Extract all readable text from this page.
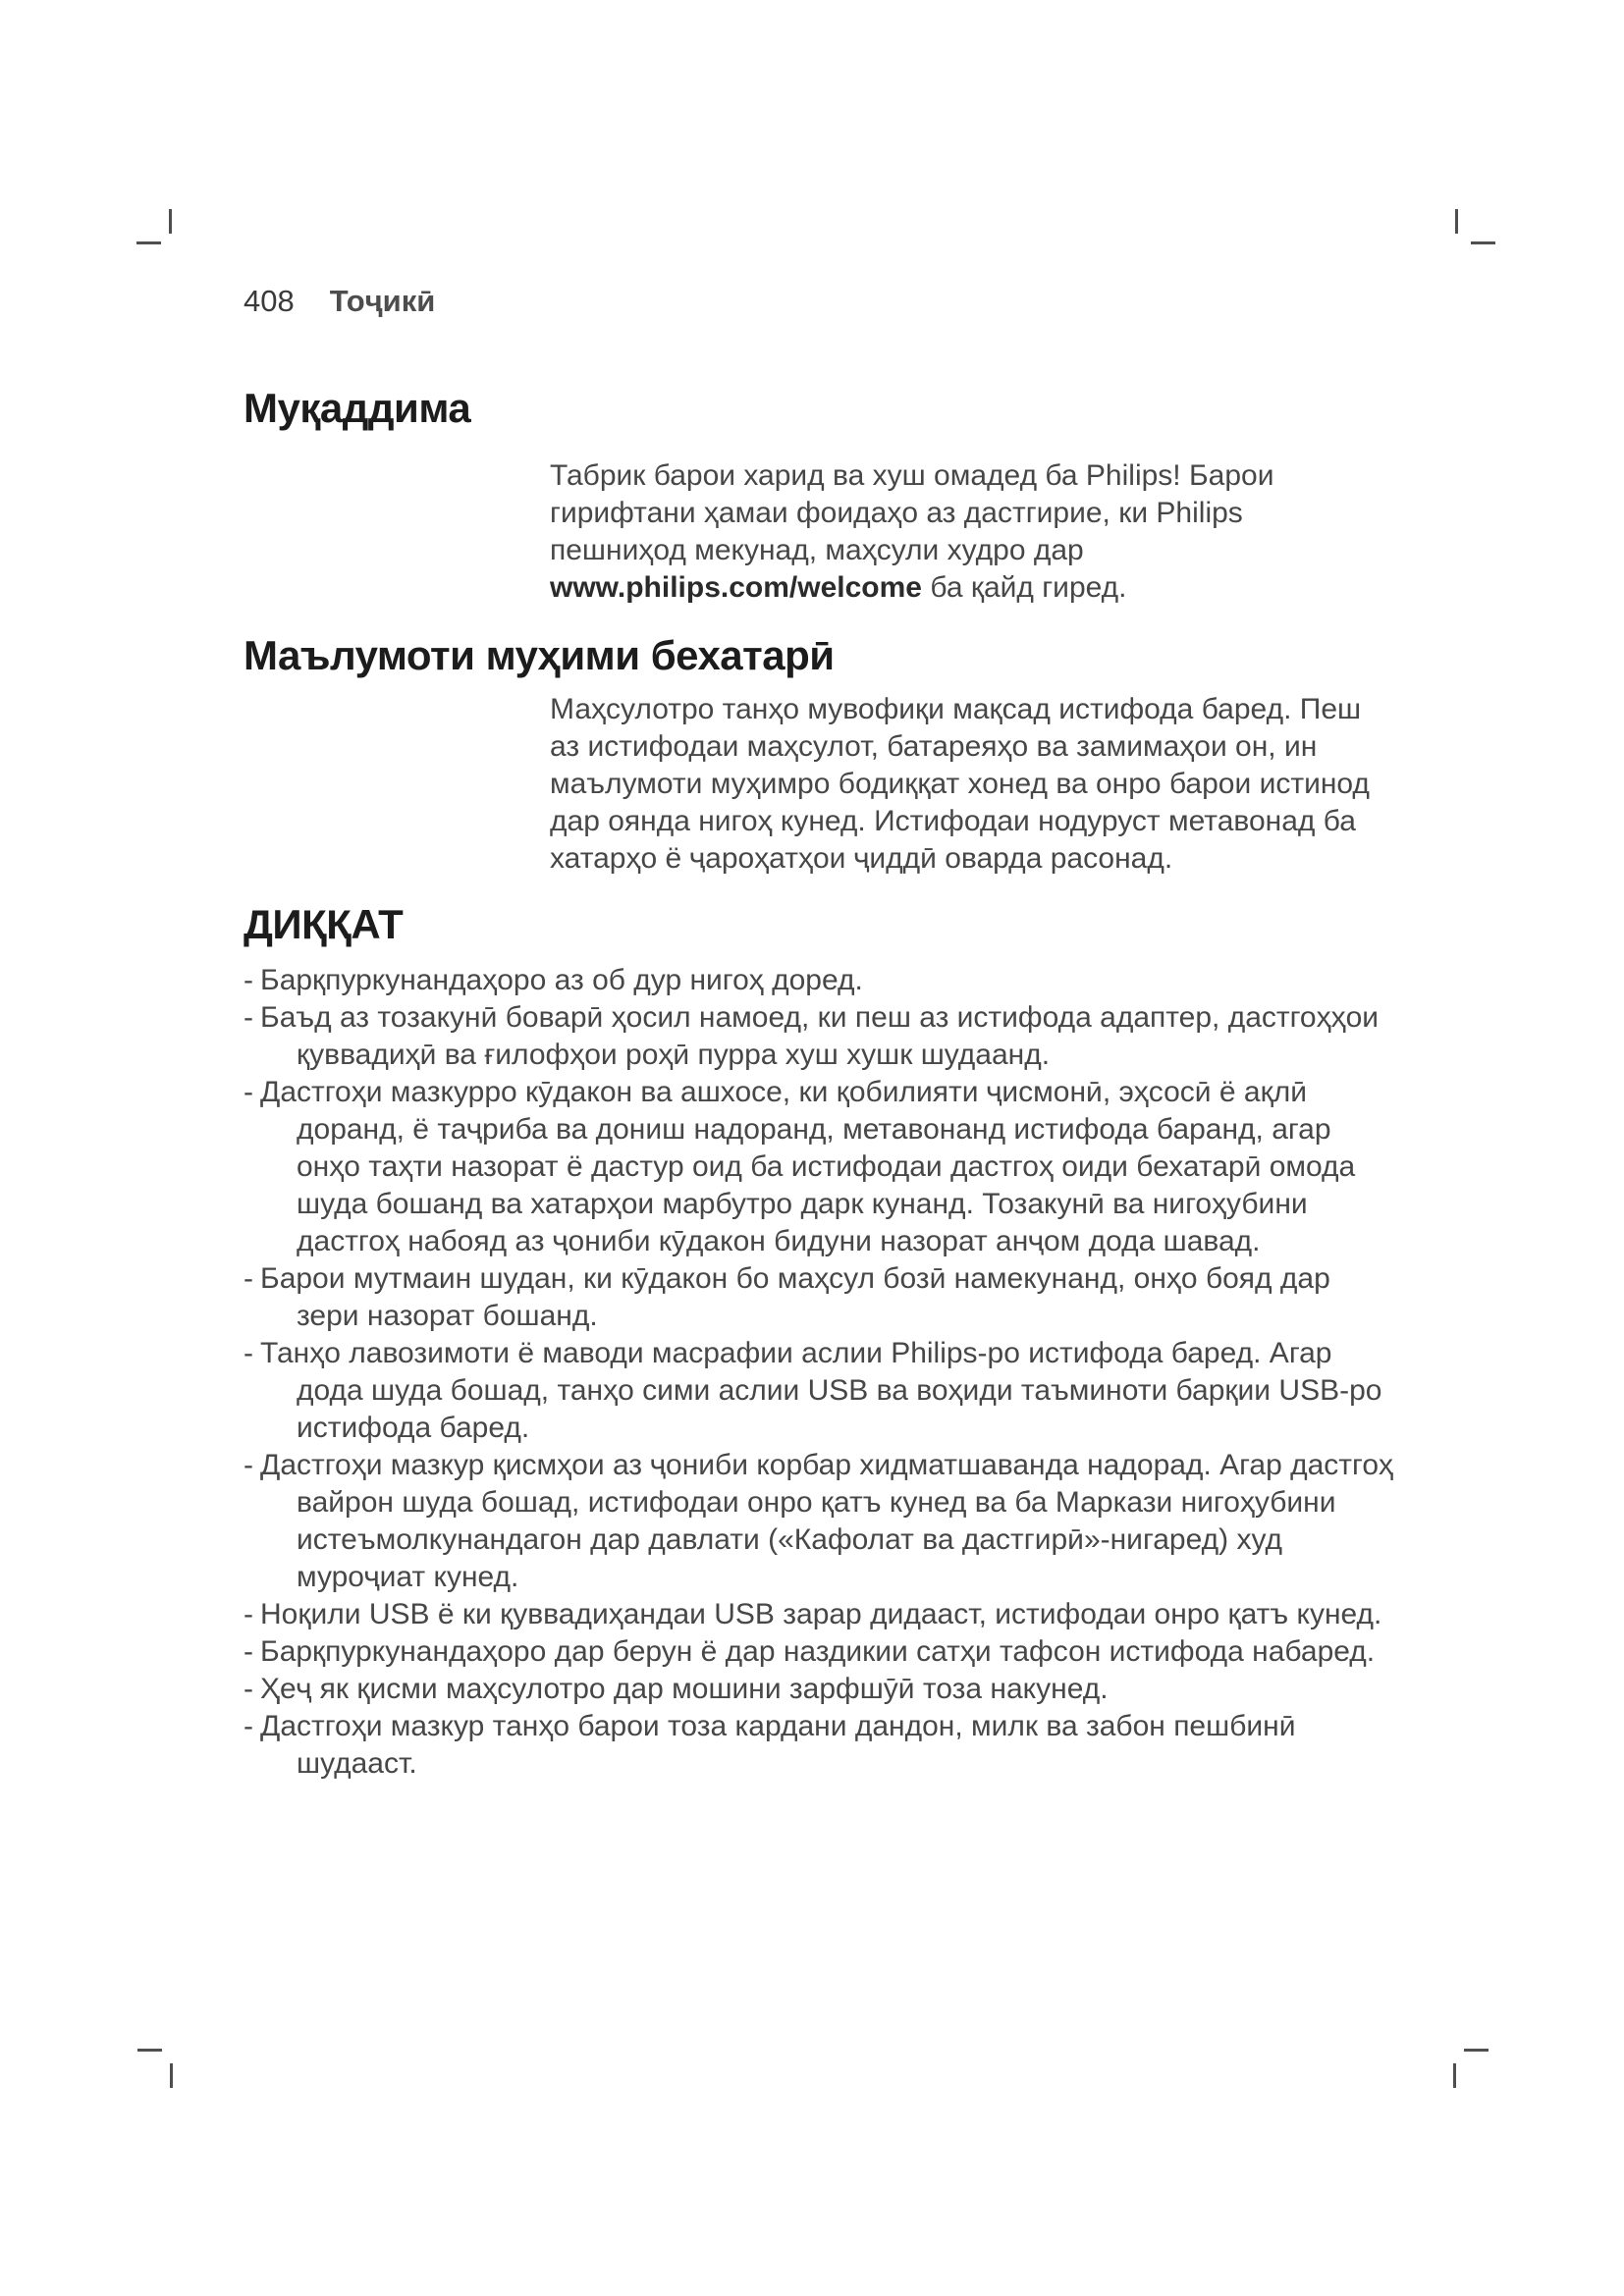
408 Тоҷикӣ
Муқаддима

Табрик барои харид ва хуш омадед ба Philips! Барои гирифтани ҳамаи фоидаҳо аз дастгирие, ки Philips пешниҳод мекунад, маҳсули худро дар www.philips.com/welcome ба қайд гиред.

Маълумоти муҳими бехатарӣ

Маҳсулотро танҳо мувофиқи мақсад истифода баред. Пеш аз истифодаи маҳсулот, батареяҳо ва замимаҳои он, ин маълумоти муҳимро бодиққат хонед ва онро барои истинод дар оянда нигоҳ кунед. Истифодаи нодуруст метавонад ба хатарҳо ё ҷароҳатҳои ҷиддӣ оварда расонад.

ДИҚҚАТ
- Барқпуркунандаҳоро аз об дур нигоҳ доред.
- Баъд аз тозакунӣ боварӣ ҳосил намоед, ки пеш аз истифода адаптер, дастгоҳҳои қуввадиҳӣ ва ғилофҳои роҳӣ пурра хуш хушк шудаанд.
- Дастгоҳи мазкурро кӯдакон ва ашхосе, ки қобилияти ҷисмонӣ, эҳсосӣ ё ақлӣ доранд, ё таҷриба ва дониш надоранд, метавонанд истифода баранд, агар онҳо таҳти назорат ё дастур оид ба истифодаи дастгоҳ оиди бехатарӣ омода шуда бошанд ва хатарҳои марбутро дарк кунанд. Тозакунӣ ва нигоҳубини дастгоҳ набояд аз ҷониби кӯдакон бидуни назорат анҷом дода шавад.
- Барои мутмаин шудан, ки кӯдакон бо маҳсул бозӣ намекунанд, онҳо бояд дар зери назорат бошанд.
- Танҳо лавозимоти ё маводи масрафии аслии Philips-ро истифода баред. Агар дода шуда бошад, танҳо сими аслии USB ва воҳиди таъминоти барқии USB-ро истифода баред.
- Дастгоҳи мазкур қисмҳои аз ҷониби корбар хидматшаванда надорад. Агар дастгоҳ вайрон шуда бошад, истифодаи онро қатъ кунед ва ба Маркази нигоҳубини истеъмолкунандагон дар давлати («Кафолат ва дастгирӣ»-нигаред) худ муроҷиат кунед.
- Ноқили USB ё ки қуввадиҳандаи USB зарар дидааст, истифодаи онро қатъ кунед.
- Барқпуркунандаҳоро дар берун ё дар наздикии сатҳи тафсон истифода набаред.
- Ҳеҷ як қисми маҳсулотро дар мошини зарфшӯӣ тоза накунед.
- Дастгоҳи мазкур танҳо барои тоза кардани дандон, милк ва забон пешбинӣ шудааст.
